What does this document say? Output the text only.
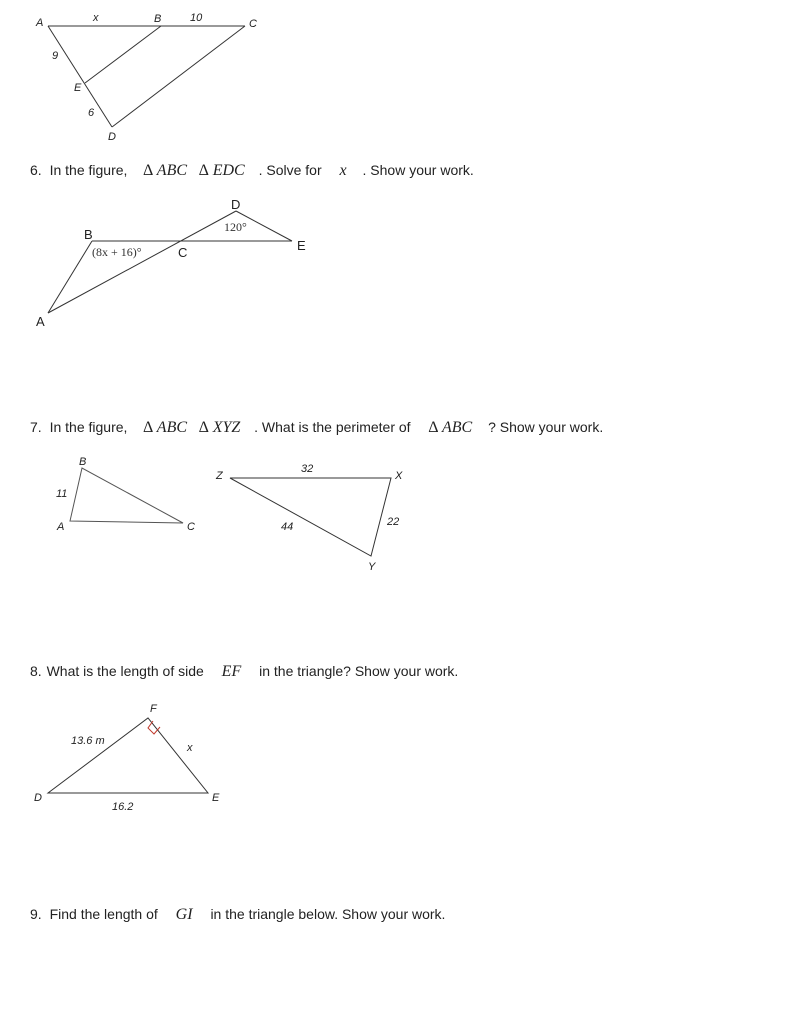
A	B	C
D
E
x	10
9
6
A
B
C
D
E
(8x + 16)°
120°
B
A	C
11
Z	X
Y
32
44	22
D	E
F
13.6 m
16.2
x
6. In the figure, ∆ ABC ∆ EDC . Solve for x . Show your work.
7. In the figure, ∆ ABC ∆ XYZ . What is the perimeter of ∆ ABC ? Show your work.
8. What is the length of side EF in the triangle? Show your work.
9. Find the length of GI in the triangle below. Show your work.
